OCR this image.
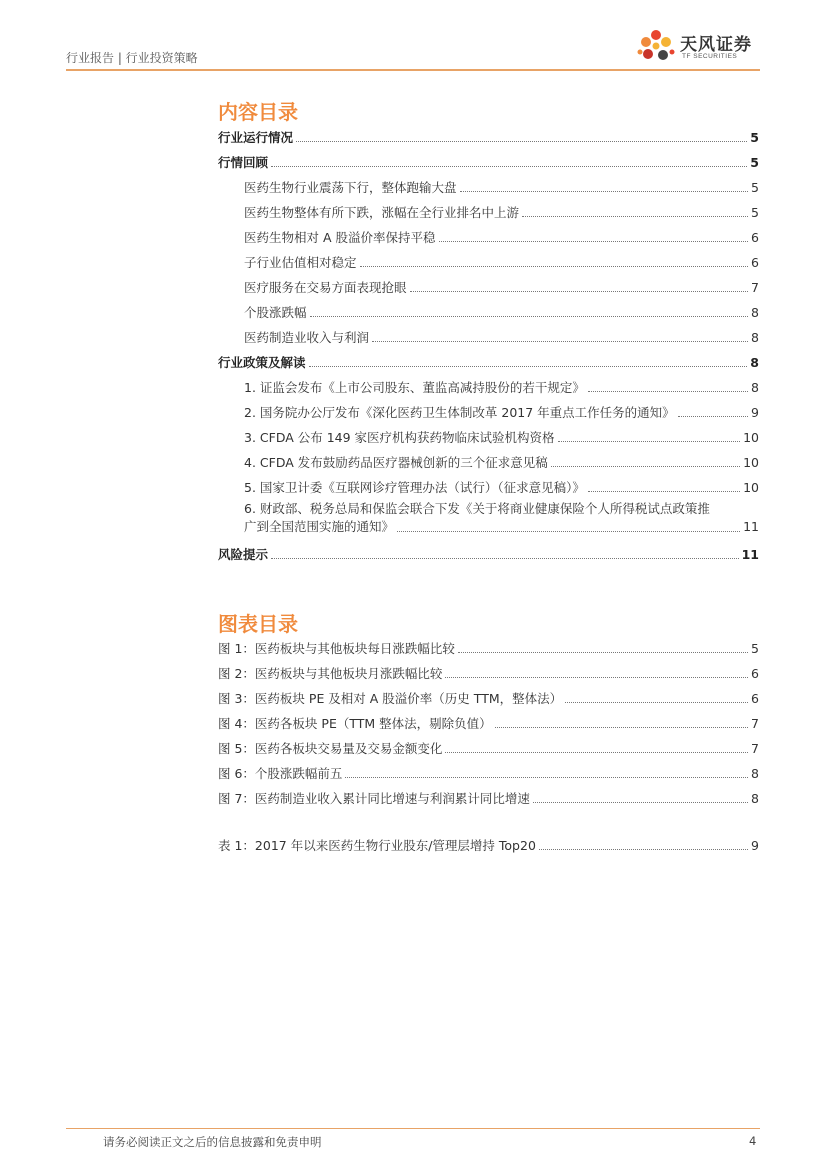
行业报告 | 行业投资策略
天风证券
TF SECURITIES
内容目录
行业运行情况	5
行情回顾	5
医药生物行业震荡下行，整体跑输大盘	5
医药生物整体有所下跌，涨幅在全行业排名中上游	5
医药生物相对 A 股溢价率保持平稳	6
子行业估值相对稳定	6
医疗服务在交易方面表现抢眼	7
个股涨跌幅	8
医药制造业收入与利润	8
行业政策及解读	8
1. 证监会发布《上市公司股东、董监高减持股份的若干规定》	8
2. 国务院办公厅发布《深化医药卫生体制改革 2017 年重点工作任务的通知》	9
3. CFDA 公布 149 家医疗机构获药物临床试验机构资格	10
4. CFDA 发布鼓励药品医疗器械创新的三个征求意见稿	10
5. 国家卫计委《互联网诊疗管理办法（试行）（征求意见稿）》	10
6. 财政部、税务总局和保监会联合下发《关于将商业健康保险个人所得税试点政策推
广到全国范围实施的通知》	11
风险提示	11
图表目录
图 1：医药板块与其他板块每日涨跌幅比较	5
图 2：医药板块与其他板块月涨跌幅比较	6
图 3：医药板块 PE 及相对 A 股溢价率（历史 TTM，整体法）	6
图 4：医药各板块 PE（TTM 整体法，剔除负值）	7
图 5：医药各板块交易量及交易金额变化	7
图 6：个股涨跌幅前五	8
图 7：医药制造业收入累计同比增速与利润累计同比增速	8
表 1：2017 年以来医药生物行业股东/管理层增持 Top20	9
请务必阅读正文之后的信息披露和免责申明	4
